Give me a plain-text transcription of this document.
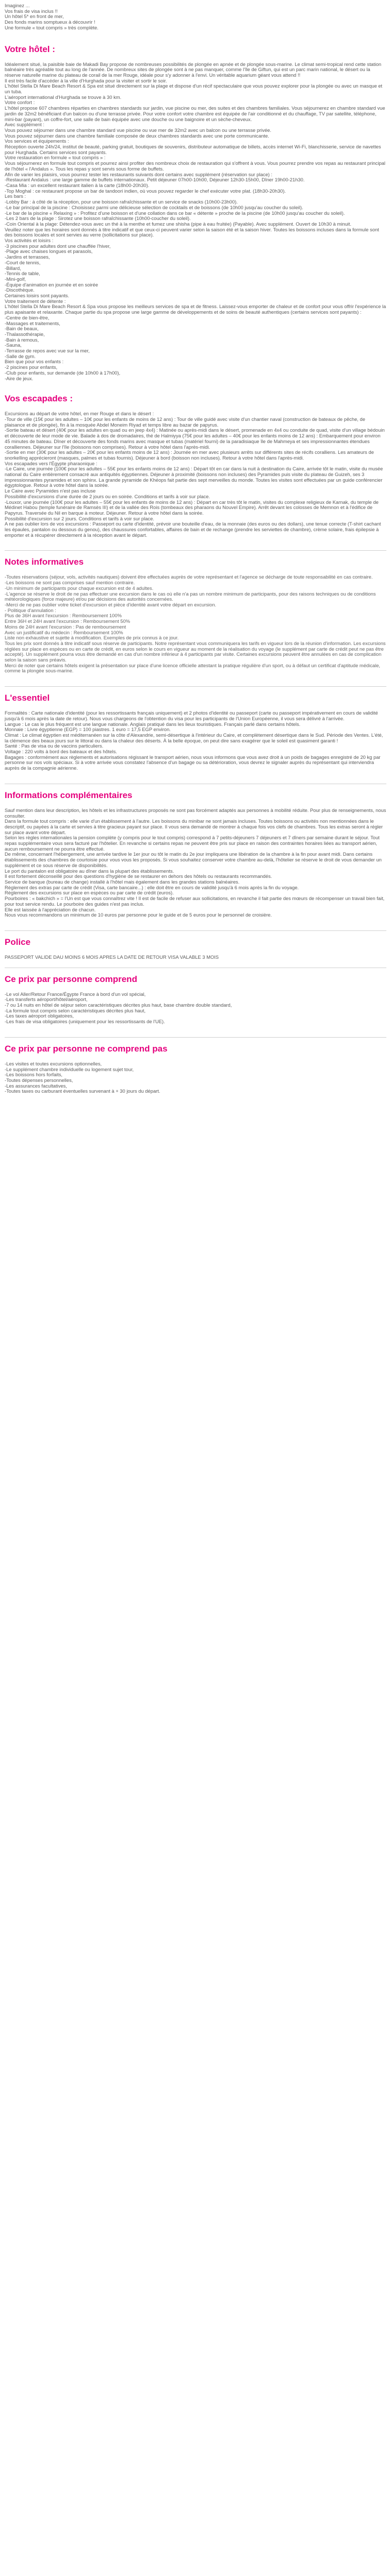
Imaginez ...

Vos frais de visa inclus !!

Un hôtel 5* en front de mer,

Des fonds marins somptueux à découvrir !

Une formule « tout compris » très complète.

Votre hôtel :

Idéalement situé, la paisible baie de Makadi Bay propose de nombreuses possibilités de plongée en apnée et de plongée sous-marine. Le climat semi-tropical rend cette station balnéaire très agréable tout au long de l'année. De nombreux sites de plongée sont à ne pas manquer, comme l'île de Giftun, qui est un parc marin national, le désert ou la réserve naturelle marine du plateau de corail de la mer Rouge, idéale pour s'y adonner à l'envi. Un véritable aquarium géant vous attend !!

Il est très facile d'accéder à la ville d'Hurghada pour la visiter et sortir le soir.

L'hôtel Stella Di Mare Beach Resort & Spa est situé directement sur la plage et dispose d'un récif spectaculaire que vous pouvez explorer pour la plongée ou avec un masque et un tuba.

L'aéroport international d'Hurghada se trouve à 30 km.

Votre confort :

L'hôtel propose 607 chambres réparties en chambres standards sur jardin, vue piscine ou mer, des suites et des chambres familiales. Vous séjournerez en chambre standard vue jardin de 32m2 bénéficiant d'un balcon ou d'une terrasse privée. Pour votre confort votre chambre est équipée de l'air conditionné et du chauffage, TV par satellite, téléphone, mini-bar (payant), un coffre-fort, une salle de bain équipée avec une douche ou une baignoire et un sèche-cheveux.

Avec supplément :

Vous pouvez séjourner dans une chambre standard vue piscine ou vue mer de 32m2 avec un balcon ou une terrasse privée.

Vous pouvez séjourner dans une chambre familiale composée de deux chambres standards avec une porte communicante.

Vos services et équipements :

Réception ouverte 24h/24, institut de beauté, parking gratuit, boutiques de souvenirs, distributeur automatique de billets, accès internet Wi-Fi, blanchisserie, service de navettes pour Hurghada. Certains services sont payants.

Votre restauration en formule « tout compris » :

Vous séjournerez en formule tout compris et pourrez ainsi profiter des nombreux choix de restauration qui s'offrent à vous. Vous pourrez prendre vos repas au restaurant principal de l'hôtel « l'Andalus ». Tous les repas y sont servis sous forme de buffets.

Afin de varier les plaisirs, vous pourrez tester les restaurants suivants dont certains avec supplément (réservation sur place) :

-Restaurant Andalus : une large gamme de buffets internationaux. Petit déjeuner 07h00-10h00, Déjeuner 12h30-15h00, Dîner 19h00-21h30.

-Casa Mia : un excellent restaurant italien à la carte (18h00-20h30).

-Top Moghal : ce restaurant propose un bar de tandoori indien, où vous pouvez regarder le chef exécuter votre plat. (18h30-20h30).

Les bars :

-Lobby Bar : à côté de la réception, pour une boisson rafraîchissante et un service de snacks (10h00-23h00).

-Le bar principal de la piscine : Choisissez parmi une délicieuse sélection de cocktails et de boissons (de 10h00 jusqu'au coucher du soleil).

-Le bar de la piscine « Relaxing » : Profitez d'une boisson et d'une collation dans ce bar « détente » proche de la piscine (de 10h00 jusqu'au coucher du soleil).

-Les 2 bars de la plage : Sirotez une boisson rafraîchissante (10h00-coucher du soleil).

-Coin Oriental à la plage: Détendez-vous avec un thé à la menthe et fumez une shisha (pipe à eau fruitée) (Payable). Avec supplément. Ouvert de 10h30 à minuit.

Veuillez noter que les horaires sont donnés à titre indicatif et que ceux-ci peuvent varier selon la saison été et la saison hiver. Toutes les boissons incluses dans la formule sont des boissons locales et sont servies au verre (sollicitations sur place).

Vos activités et loisirs :

-3 piscines pour adultes dont une chauffée l'hiver,

-Plage avec chaises longues et parasols,

-Jardins et terrasses,

-Court de tennis,

-Billard,

-Tennis de table,

-Mini-golf,

-Équipe d'animation en journée et en soirée

-Discothèque.

Certaines loisirs sont payants.

Votre traitement de détente :

L'hôtel Stella Di Mare Beach Resort & Spa vous propose les meilleurs services de spa et de fitness. Laissez-vous emporter de chaleur et de confort pour vous offrir l'expérience la plus apaisante et relaxante. Chaque partie du spa propose une large gamme de développements et de soins de beauté authentiques (certains services sont payants) :

-Centre de bien-être,

-Massages et traitements,

-Bain de beaux,

-Thalassothérapie,

-Bain à remous,

-Sauna,

-Terrasse de repos avec vue sur la mer,

-Salle de gym.

Bien que pour vos enfants :

-2 piscines pour enfants,

-Club pour enfants, sur demande (de 10h00 à 17h00),

-Aire de jeux.

Vos escapades :

Excursions au départ de votre hôtel, en mer Rouge et dans le désert :

-Tour de ville (15€ pour les adultes – 10€ pour les enfants de moins de 12 ans) : Tour de ville guidé avec visite d'un chantier naval (construction de bateaux de pêche, de plaisance et de plongée), fin à la mosquée Abdel Moneim Riyad et temps libre au bazar de papyrus.

-Sortie bateau et désert (40€ pour les adultes en quad ou en jeep 4x4) : Matinée ou après-midi dans le désert, promenade en 4x4 ou conduite de quad, visite d'un village bédouin et découverte de leur mode de vie. Balade à dos de dromadaires, thé de Halmiyya (75€ pour les adultes – 40€ pour les enfants moins de 12 ans) : Embarquement pour environ 45 minutes de bateau. Dîner et découverte des fonds marins avec masque et tubas (matériel fourni) de la paradisiaque île de Mahmeya et ses impressionnantes étendues coralliennes. Déjeuner sur l'île (boissons non comprises). Retour à votre hôtel dans l'après-midi.

-Sortie en mer (30€ pour les adultes – 20€ pour les enfants moins de 12 ans) : Journée en mer avec plusieurs arrêts sur différents sites de récifs coralliens. Les amateurs de snorkelling apprécieront (masques, palmes et tubas fournis). Déjeuner à bord (boisson non incluses). Retour à votre hôtel dans l'après-midi.

Vos escapades vers l'Égypte pharaonique :

-Le Caire, une journée (100€ pour les adultes – 55€ pour les enfants moins de 12 ans) : Départ tôt en car dans la nuit à destination du Caire, arrivée tôt le matin, visite du musée national du Caire entièrement consacré aux antiquités égyptiennes. Déjeuner à proximité (boissons non incluses) des Pyramides puis visite du plateau de Guizeh, ses 3 impressionnantes pyramides et son sphinx. La grande pyramide de Khéops fait partie des sept merveilles du monde. Toutes les visites sont effectuées par un guide conférencier égyptologue. Retour à votre hôtel dans la soirée.

Le Caire avec Pyramides n'est pas incluse

Possibilité d'excursions d'une durée de 2 jours ou en soirée. Conditions et tarifs à voir sur place.

-Louxor, une journée (100€ pour les adultes – 55€ pour les enfants de moins de 12 ans) : Départ en car très tôt le matin, visites du complexe religieux de Karnak, du temple de Médinet Habou (temple funéraire de Ramsès III) et de la vallée des Rois (tombeaux des pharaons du Nouvel Empire). Arrêt devant les colosses de Memnon et à l'édifice de Papyrus. Traversée du Nil en barque à moteur. Déjeuner. Retour à votre hôtel dans la soirée.

Possibilité d'excursion sur 2 jours. Conditions et tarifs à voir sur place.

A ne pas oublier lors de vos excursions : Passeport ou carte d'identité, prévoir une bouteille d'eau, de la monnaie (des euros ou des dollars), une tenue correcte (T-shirt cachant les épaules, pantalon ou dessous du genou), des chaussures confortables, affaires de bain et de rechange (prendre les serviettes de chambre), crème solaire, frais épilepsie à emporter et à récupérer directement à la réception avant le départ.

Notes informatives

-Toutes réservations (séjour, vols, activités nautiques) doivent être effectuées auprès de votre représentant et l'agence se décharge de toute responsabilité en cas contraire.

-Les boissons ne sont pas comprises sauf mention contraire.

-Un minimum de participants pour chaque excursion est de 4 adultes.

-L'agence se réserve le droit de ne pas effectuer une excursion dans le cas où elle n'a pas un nombre minimum de participants, pour des raisons techniques ou de conditions météorologiques (force majeure) et/ou par décisions des autorités concernées.

-Merci de ne pas oublier votre ticket d'excursion et pièce d'identité avant votre départ en excursion.

- Politique d'annulation :

Plus de 36H avant l'excursion : Remboursement 100%

Entre 36H et 24H avant l'excursion : Remboursement 50%

Moins de 24H avant l'excursion : Pas de remboursement

Avec un justificatif du médecin : Remboursement 100%

Liste non exhaustive et sujette à modification. Exemples de prix connus à ce jour.

Tous les prix sont donnés à titre indicatif sous réserve de participants. Notre représentant vous communiquera les tarifs en vigueur lors de la réunion d'information. Les excursions réglées sur place en espèces ou en carte de crédit, en euros selon le cours en vigueur au moment de la réalisation du voyage (le supplément par carte de crédit peut ne pas être accepté). Un supplément pourra vous être demandé en cas d'un nombre inférieur à 4 participants par visite. Certaines excursions peuvent être annulées en cas de complication selon la saison sans préavis.

Merci de noter que certains hôtels exigent la présentation sur place d'une licence officielle attestant la pratique régulière d'un sport, ou à défaut un certificat d'aptitude médicale, comme la plongée sous-marine.

L'essentiel

Formalités : Carte nationale d'identité (pour les ressortissants français uniquement) et 2 photos d'identité ou passeport (carte ou passeport impérativement en cours de validité jusqu'à 6 mois après la date de retour). Nous vous chargeons de l'obtention du visa pour les participants de l'Union Européenne, il vous sera délivré à l'arrivée.

Langue : Le cas le plus fréquent est une langue nationale. Anglais pratiqué dans les lieux touristiques. Français parlé dans certains hôtels.

Monnaie : Livre égyptienne (EGP) = 100 piastres. 1 euro = 17,5 EGP environ.

Climat : Le climat égyptien est méditerranéen sur la côte d'Alexandrie, semi-désertique à l'intérieur du Caire, et complètement désertique dans le Sud. Période des Ventes. L'été, la clémence des beaux jours sur le littoral ou dans la chaleur des déserts. À la belle époque, on peut dire sans exagérer que le soleil est quasiment garanti !

Santé : Pas de visa ou de vaccins particuliers.

Voltage : 220 volts à bord des bateaux et des hôtels.

Bagages : conformément aux règlements et autorisations régissant le transport aérien, nous vous informons que vous avez droit à un poids de bagages enregistré de 20 kg par personne sur nos vols spéciaux. Si à votre arrivée vous constatez l'absence d'un bagage ou sa détérioration, vous devrez le signaler auprès du représentant qui interviendra auprès de la compagnie aérienne.

Informations complémentaires

Sauf mention dans leur description, les hôtels et les infrastructures proposés ne sont pas forcément adaptés aux personnes à mobilité réduite. Pour plus de renseignements, nous consulter.

Dans la formule tout compris : elle varie d'un établissement à l'autre. Les boissons du minibar ne sont jamais incluses. Toutes boissons ou activités non mentionnées dans le descriptif, ou payées à la carte et servies à titre gracieux payant sur place. Il vous sera demandé de montrer à chaque fois vos clefs de chambres. Tous les extras seront à régler sur place avant votre départ.

Selon les règles internationales la pension complète (y compris pour le tout compris) correspond à 7 petits-déjeuners 7 déjeuners et 7 dîners par semaine durant le séjour. Tout repas supplémentaire vous sera facturé par l'hôtelier. En revanche si certains repas ne peuvent être pris sur place en raison des contraintes horaires liées au transport aérien, aucun remboursement ne pourra être effectué.

De même, concernant l'hébergement, une arrivée tardive le 1er jour ou tôt le matin du 2e jour impliquera une libération de la chambre à la fin pour avant midi. Dans certains établissements des chambres de courtoisie pour vous vous les proposés. Si vous souhaitez conserver votre chambre au-delà, l'hôtelier se réserve le droit de vous demander un supplément et ce sous réserve de disponibilités.

Le port du pantalon est obligatoire au dîner dans la plupart des établissements.

Il est fortement déconseillé pour des questions d'hygiène de se restaurer en dehors des hôtels ou restaurants recommandés.

Service de banque (bureau de change) installé à l'hôtel mais également dans les grandes stations balnéaires.

Règlement des extras par carte de crédit (Visa, carte bancaire...) : elle doit être en cours de validité jusqu'à 6 mois après la fin du voyage.

Règlement des excursions sur place en espèces ou par carte de crédit (euros).

Pourboires : « bakchich » = l'Un est que vous connaîtrez vite ! Il est de facile de refuser aux sollicitations, en revanche il fait partie des mœurs de récompenser un travail bien fait, pour tout service rendu. Le pourboire des guides n'est pas inclus.

Elle est laissée à l'appréciation de chacun.

Nous vous recommandons un minimum de 10 euros par personne pour le guide et de 5 euros pour le personnel de croisière.

Police

PASSEPORT VALIDE DAU MOINS 6 MOIS APRES LA DATE DE RETOUR VISA VALABLE 3 MOIS

Ce prix par personne comprend

-Le vol Aller/Retour France/Égypte France à bord d'un vol spécial,

-Les transferts aéroport/hôtel/aéroport,

-7 ou 14 nuits en hôtel de séjour selon caractéristiques décrites plus haut, base chambre double standard,

-La formule tout compris selon caractéristiques décrites plus haut,

-Les taxes aéroport obligatoires,

-Les frais de visa obligatoires (uniquement pour les ressortissants de l'UE).

Ce prix par personne ne comprend pas

-Les visites et toutes excursions optionnelles,

-Le supplément chambre individuelle ou logement sujet tour,

-Les boissons hors forfaits,

-Toutes dépenses personnelles,

-Les assurances facultatives,

-Toutes taxes ou carburant éventuelles survenant à + 30 jours du départ.
